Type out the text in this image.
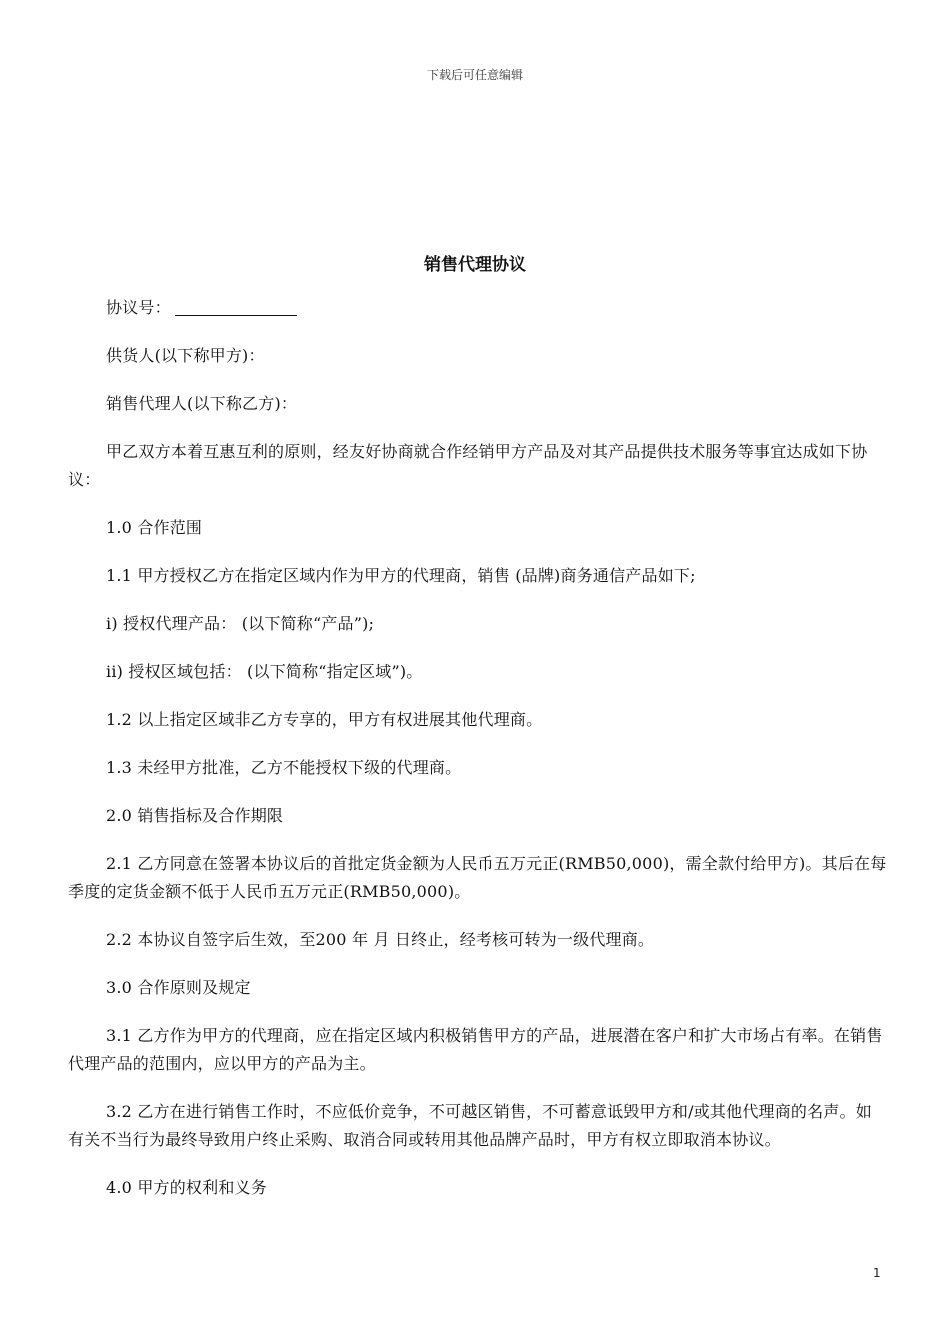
下载后可任意编辑
销售代理协议

协议号：

供货人(以下称甲方)：

销售代理人(以下称乙方)：

甲乙双方本着互惠互利的原则，经友好协商就合作经销甲方产品及对其产品提供技术服务等事宜达成如下协议：

1.0 合作范围

1.1 甲方授权乙方在指定区域内作为甲方的代理商，销售 (品牌)商务通信产品如下;

i) 授权代理产品： (以下简称“产品”);

ii) 授权区域包括： (以下简称“指定区域”)。

1.2 以上指定区域非乙方专享的，甲方有权进展其他代理商。

1.3 未经甲方批准，乙方不能授权下级的代理商。

2.0 销售指标及合作期限

2.1 乙方同意在签署本协议后的首批定货金额为人民币五万元正(RMB50,000)，需全款付给甲方)。其后在每季度的定货金额不低于人民币五万元正(RMB50,000)。

2.2 本协议自签字后生效，至200 年 月 日终止，经考核可转为一级代理商。

3.0 合作原则及规定

3.1 乙方作为甲方的代理商，应在指定区域内积极销售甲方的产品，进展潜在客户和扩大市场占有率。在销售代理产品的范围内，应以甲方的产品为主。

3.2 乙方在进行销售工作时，不应低价竞争，不可越区销售，不可蓄意诋毁甲方和/或其他代理商的名声。如有关不当行为最终导致用户终止采购、取消合同或转用其他品牌产品时，甲方有权立即取消本协议。

4.0 甲方的权利和义务

1
